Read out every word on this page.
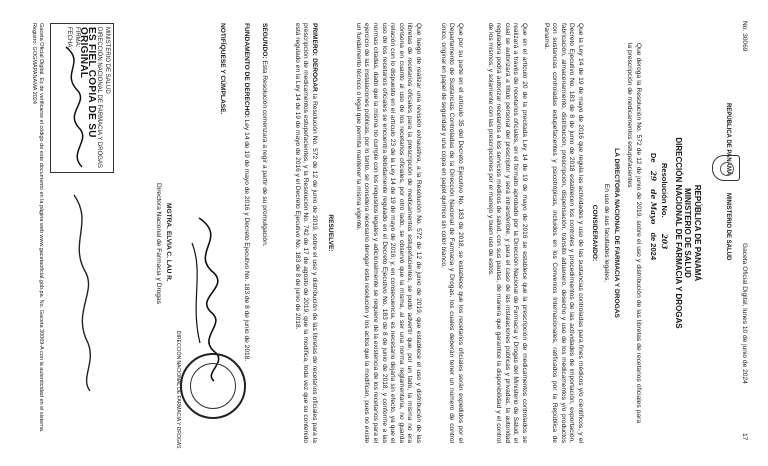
No. 30069
Gaceta Oficial Digital, lunes 10 de junio de 2024
17
REPÚBLICA DE PANAMÁ
MINISTERIO DE SALUD
REPÚBLICA DE PANAMÁ
MINISTERIO DE SALUD
DIRECCIÓN NACIONAL DE FARMACIA Y DROGAS
Resolución No. 203
De 29 de Mayo de 2024
Que deroga la Resolución No. 572 de 12 de junio de 2019, sobre el uso y distribución de las libretas de recetarios oficiales para la prescripción de medicamentos estupefacientes
LA DIRECTORA NACIONAL DE FARMACIA Y DROGAS
En uso de sus facultades legales,
CONSIDERANDO:
Que la Ley 14 de 19 de mayo de 2016 que regula las actividades y uso de las sustancias controladas para fines médicos y/o científicos, y el Decreto Ejecutivo No. 183 de 8 de junio de 2018 establecen los controles y procedimientos de las actividades de importación, exportación, fabricación, almacenamiento, distribución, prescripción, dispensación, tránsito aduanero, desecho y uso de los medicamentos y/o productos con sustancias controladas estupefacientes y psicotrópicas, incluidos en los Convenios Internacionales, ratificados por la República de Panamá.
Que en el artículo 20 de la precitada Ley 14 de 19 de mayo de 2016 se establece que la prescripción de medicamentos controlados se realizará a través de recetarios oficiales, en el formato aprobado por la Dirección Nacional de Farmacia y Drogas del Ministerio de Salud, el cual se autorizará a título personal del prescriptor y será intransferible, y para el caso de las instalaciones públicas y privadas, la autoridad reguladora podrá autorizar recetarios a los servicios médicos de salud, con sus pautas, de manera que garantice la disponibilidad y el control de los mismos, y solamente con las prescripciones por el manejo y buen uso de estos.
Que por su parte en el artículo 35 del Decreto Ejecutivo No. 183 de 2018, se establece que los recetarios oficiales serán expedidos por el Departamento de Sustancias Controladas de la Dirección Nacional de Farmacia y Drogas, los cuales deberán tener un número de control único, original en papel de seguridad y una copia en papel químico sin color blanco.
Que luego de realizar una revisión exhaustiva, a la Resolución No. 572 de 12 de junio de 2019, que establece el uso y distribución de las libretas de recetarios oficiales para la prescripción de medicamentos estupefacientes, se pudo advertir que, por un lado, la misma no era cónsona en cuanto al uso de los recetarios oficiales, por otro lado, se observó que la misma, al ser una norma reglamentaria, no guarda relación con lo dispuesto en el artículo 23 de la Ley 14 de 19 de mayo de 2016; y, en consecuencia, es necesario dejarla sin efecto, ya que el uso de los recetarios oficiales se encuentra debidamente regulado en el Decreto Ejecutivo No. 183 de 8 de junio de 2018, y conforme a las normas citadas, dado que la misma no cumple con los requisitos legales y adicionalmente se requiere de la existencia de los recetarios para el ejercicio de las instalaciones públicas, por lo tanto, se considera necesario derogar esta resolución y los actos que la modifican, pues no existe un fundamento técnico o legal que permita mantener la misma vigente.
RESUELVE:
PRIMERO: DEROGAR la Resolución No. 572 de 12 de junio de 2019, sobre el uso y distribución de las libretas de recetarios oficiales para la prescripción de medicamentos estupefacientes, y la Resolución No. 742 de 17 de agosto de 2019, que la modifica, toda vez que su contenido está regulado en la Ley 14 de 19 de mayo de 2016 y el Decreto Ejecutivo No. 183 de 8 de junio de 2018.
SEGUNDO: Esta Resolución comenzará a regir a partir de su promulgación.
FUNDAMENTO DE DERECHO: Ley 14 de 19 de mayo de 2016 y Decreto Ejecutivo No. 183 de 8 de junio de 2018.
NOTIFÍQUESE Y CÚMPLASE.
DIRECCIÓN NACIONAL DE FARMACIA Y DROGAS
MGTRA. ELVIA C. LAU R.
Directora Nacional de Farmacia y Drogas
MINISTERIO DE SALUD
DIRECCIÓN NACIONAL DE FARMACIA Y DROGAS
ES FIEL COPIA DE SU ORIGINAL
FIRMA:
FECHA:
Gaceta Oficial Digital. Es de verificarse el código de este documento en la página web www.gacetaoficial.gob.pa. No. Gaceta 30069-A con la autenticidad en el sistema. Registro: GOGMAPANAMA 2024
